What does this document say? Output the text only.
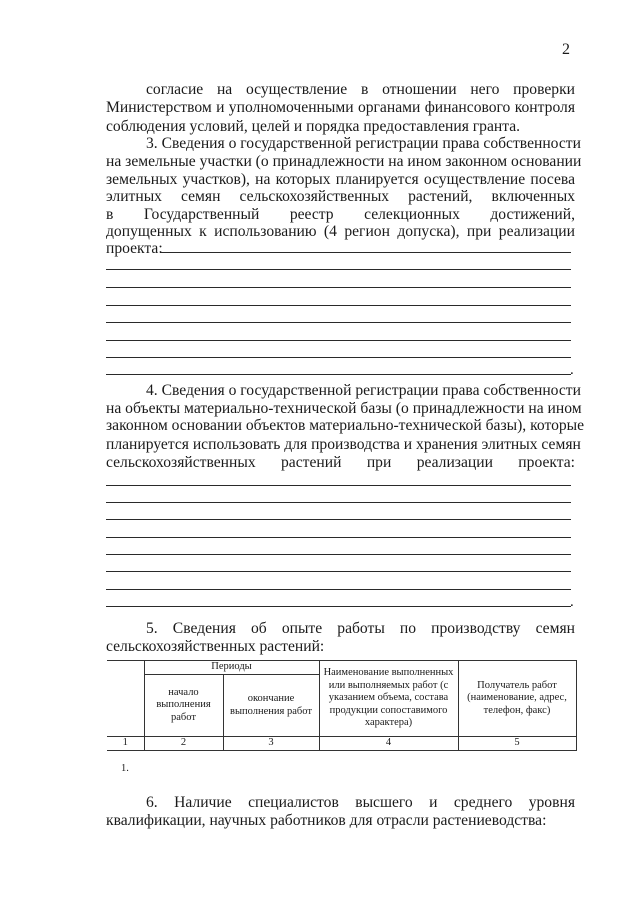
2
согласие на осуществление в отношении него проверки
Министерством и уполномоченными органами финансового контроля
соблюдения условий, целей и порядка предоставления гранта.
3. Сведения о государственной регистрации права собственности
на земельные участки (о принадлежности на ином законном основании
земельных участков), на которых планируется осуществление посева
элитных семян сельскохозяйственных растений, включенных
в Государственный реестр селекционных достижений,
допущенных к использованию (4 регион допуска), при реализации
проекта:
.
4. Сведения о государственной регистрации права собственности
на объекты материально-технической базы (о принадлежности на ином
законном основании объектов материально-технической базы), которые
планируется использовать для производства и хранения элитных семян
сельскохозяйственных растений при реализации проекта:
.
5. Сведения об опыте работы по производству семян
сельскохозяйственных растений:
	Периоды		Наименование выполненных или выполняемых работ (с указанием объема, состава продукции сопоставимого характера)	Получатель работ (наименование, адрес, телефон, факс)
	начало выполнения работ	окончание выполнения работ		
1	2	3	4	5
1.
6. Наличие специалистов высшего и среднего уровня
квалификации, научных работников для отрасли растениеводства:
